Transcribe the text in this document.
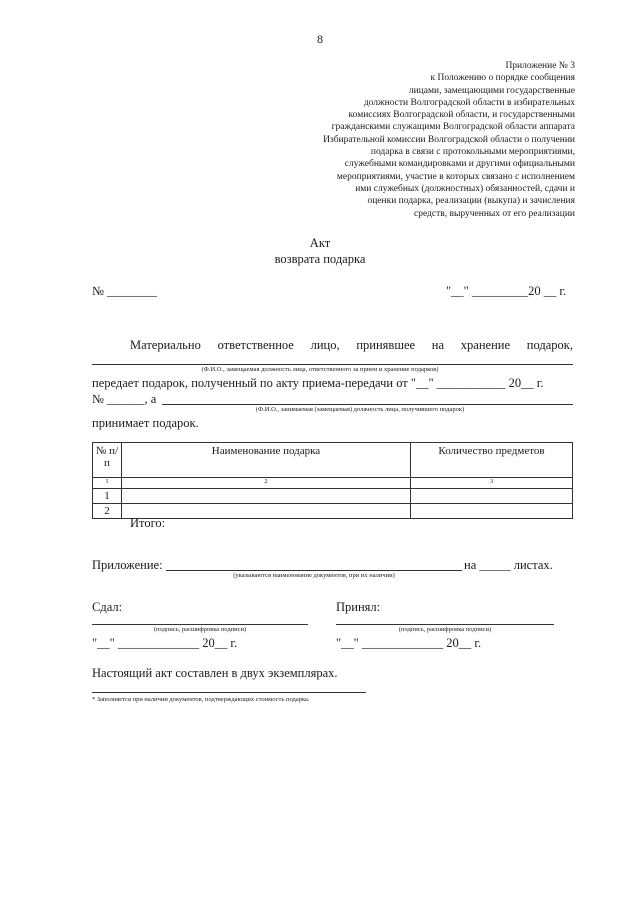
8
Приложение № 3
к Положению о порядке сообщения
лицами, замещающими государственные
должности Волгоградской области в избирательных
комиссиях Волгоградской области, и государственными
гражданскими служащими Волгоградской области аппарата
Избирательной комиссии Волгоградской области о получении
подарка в связи с протокольными мероприятиями,
служебными командировками и другими официальными
мероприятиями, участие в которых связано с исполнением
ими служебных (должностных) обязанностей, сдачи и
оценки подарка, реализации (выкупа) и зачисления
средств, вырученных от его реализации
Акт
возврата подарка
№ ________	"__" _________20 __ г.
Материально ответственное лицо, принявшее на хранение подарок,
(Ф.И.О., замещаемая должность лица, ответственного за прием и хранение подарков)
передает подарок, полученный по акту приема-передачи от "__" ___________ 20__ г.
№ ______, а
(Ф.И.О., занимаемая (замещаемая) должность лица, получившего подарок)
принимает подарок.
№ п/п	Наименование подарка	Количество предметов
1	2	3
1		
2		
Итого:
Приложение:	на _____ листах.
(указываются наименование документов, при их наличии)
Сдал:	Принял:
(подпись, расшифровка подписи)	(подпись, расшифровка подписи)
"__" _____________ 20__ г.	"__" _____________ 20__ г.
Настоящий акт составлен в двух экземплярах.
* Заполняется при наличии документов, подтверждающих стоимость подарка.
